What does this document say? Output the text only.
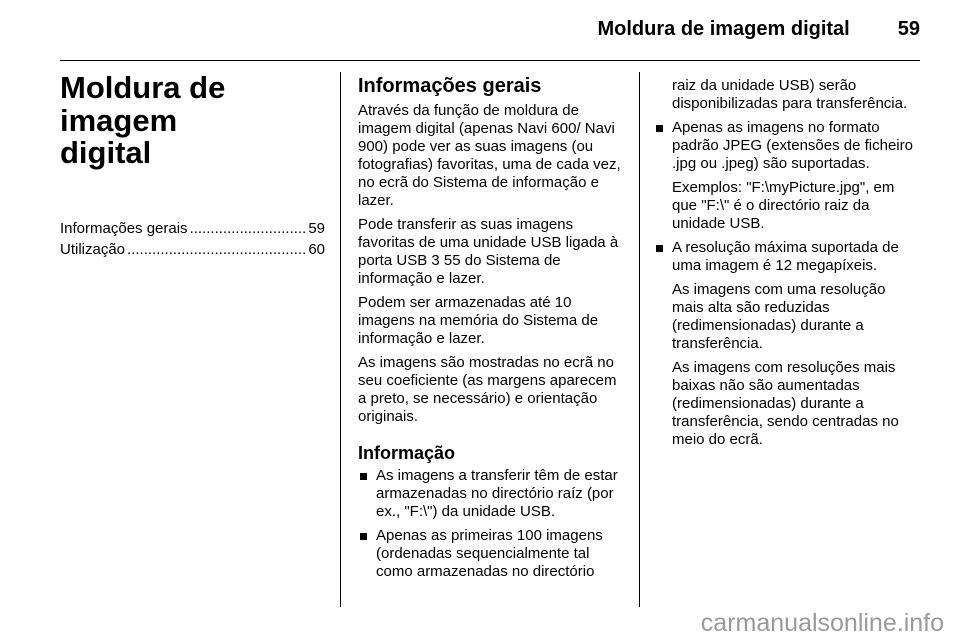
Moldura de imagem digital 59
Moldura de imagem
digital
Informações gerais .....	59
Utilização .....	60
Informações gerais

Através da função de moldura de imagem digital (apenas Navi 600/ Navi 900) pode ver as suas imagens (ou fotografias) favoritas, uma de cada vez, no ecrã do Sistema de informação e lazer.

Pode transferir as suas imagens favoritas de uma unidade USB ligada à porta USB 3 55 do Sistema de informação e lazer.

Podem ser armazenadas até 10 imagens na memória do Sistema de informação e lazer.

As imagens são mostradas no ecrã no seu coeficiente (as margens aparecem a preto, se necessário) e orientação originais.

Informação
As imagens a transferir têm de estar armazenadas no directório raíz (por ex., "F:\") da unidade USB.
Apenas as primeiras 100 imagens (ordenadas sequencialmente tal como armazenadas no directório

raiz da unidade USB) serão disponibilizadas para transferência.

Apenas as imagens no formato padrão JPEG (extensões de ficheiro .jpg ou .jpeg) são suportadas.

Exemplos: "F:\myPicture.jpg", em que "F:\" é o directório raiz da unidade USB.

A resolução máxima suportada de uma imagem é 12 megapíxeis.

As imagens com uma resolução mais alta são reduzidas (redimensionadas) durante a transferência.

As imagens com resoluções mais baixas não são aumentadas (redimensionadas) durante a transferência, sendo centradas no meio do ecrã.

carmanualsonline.info
